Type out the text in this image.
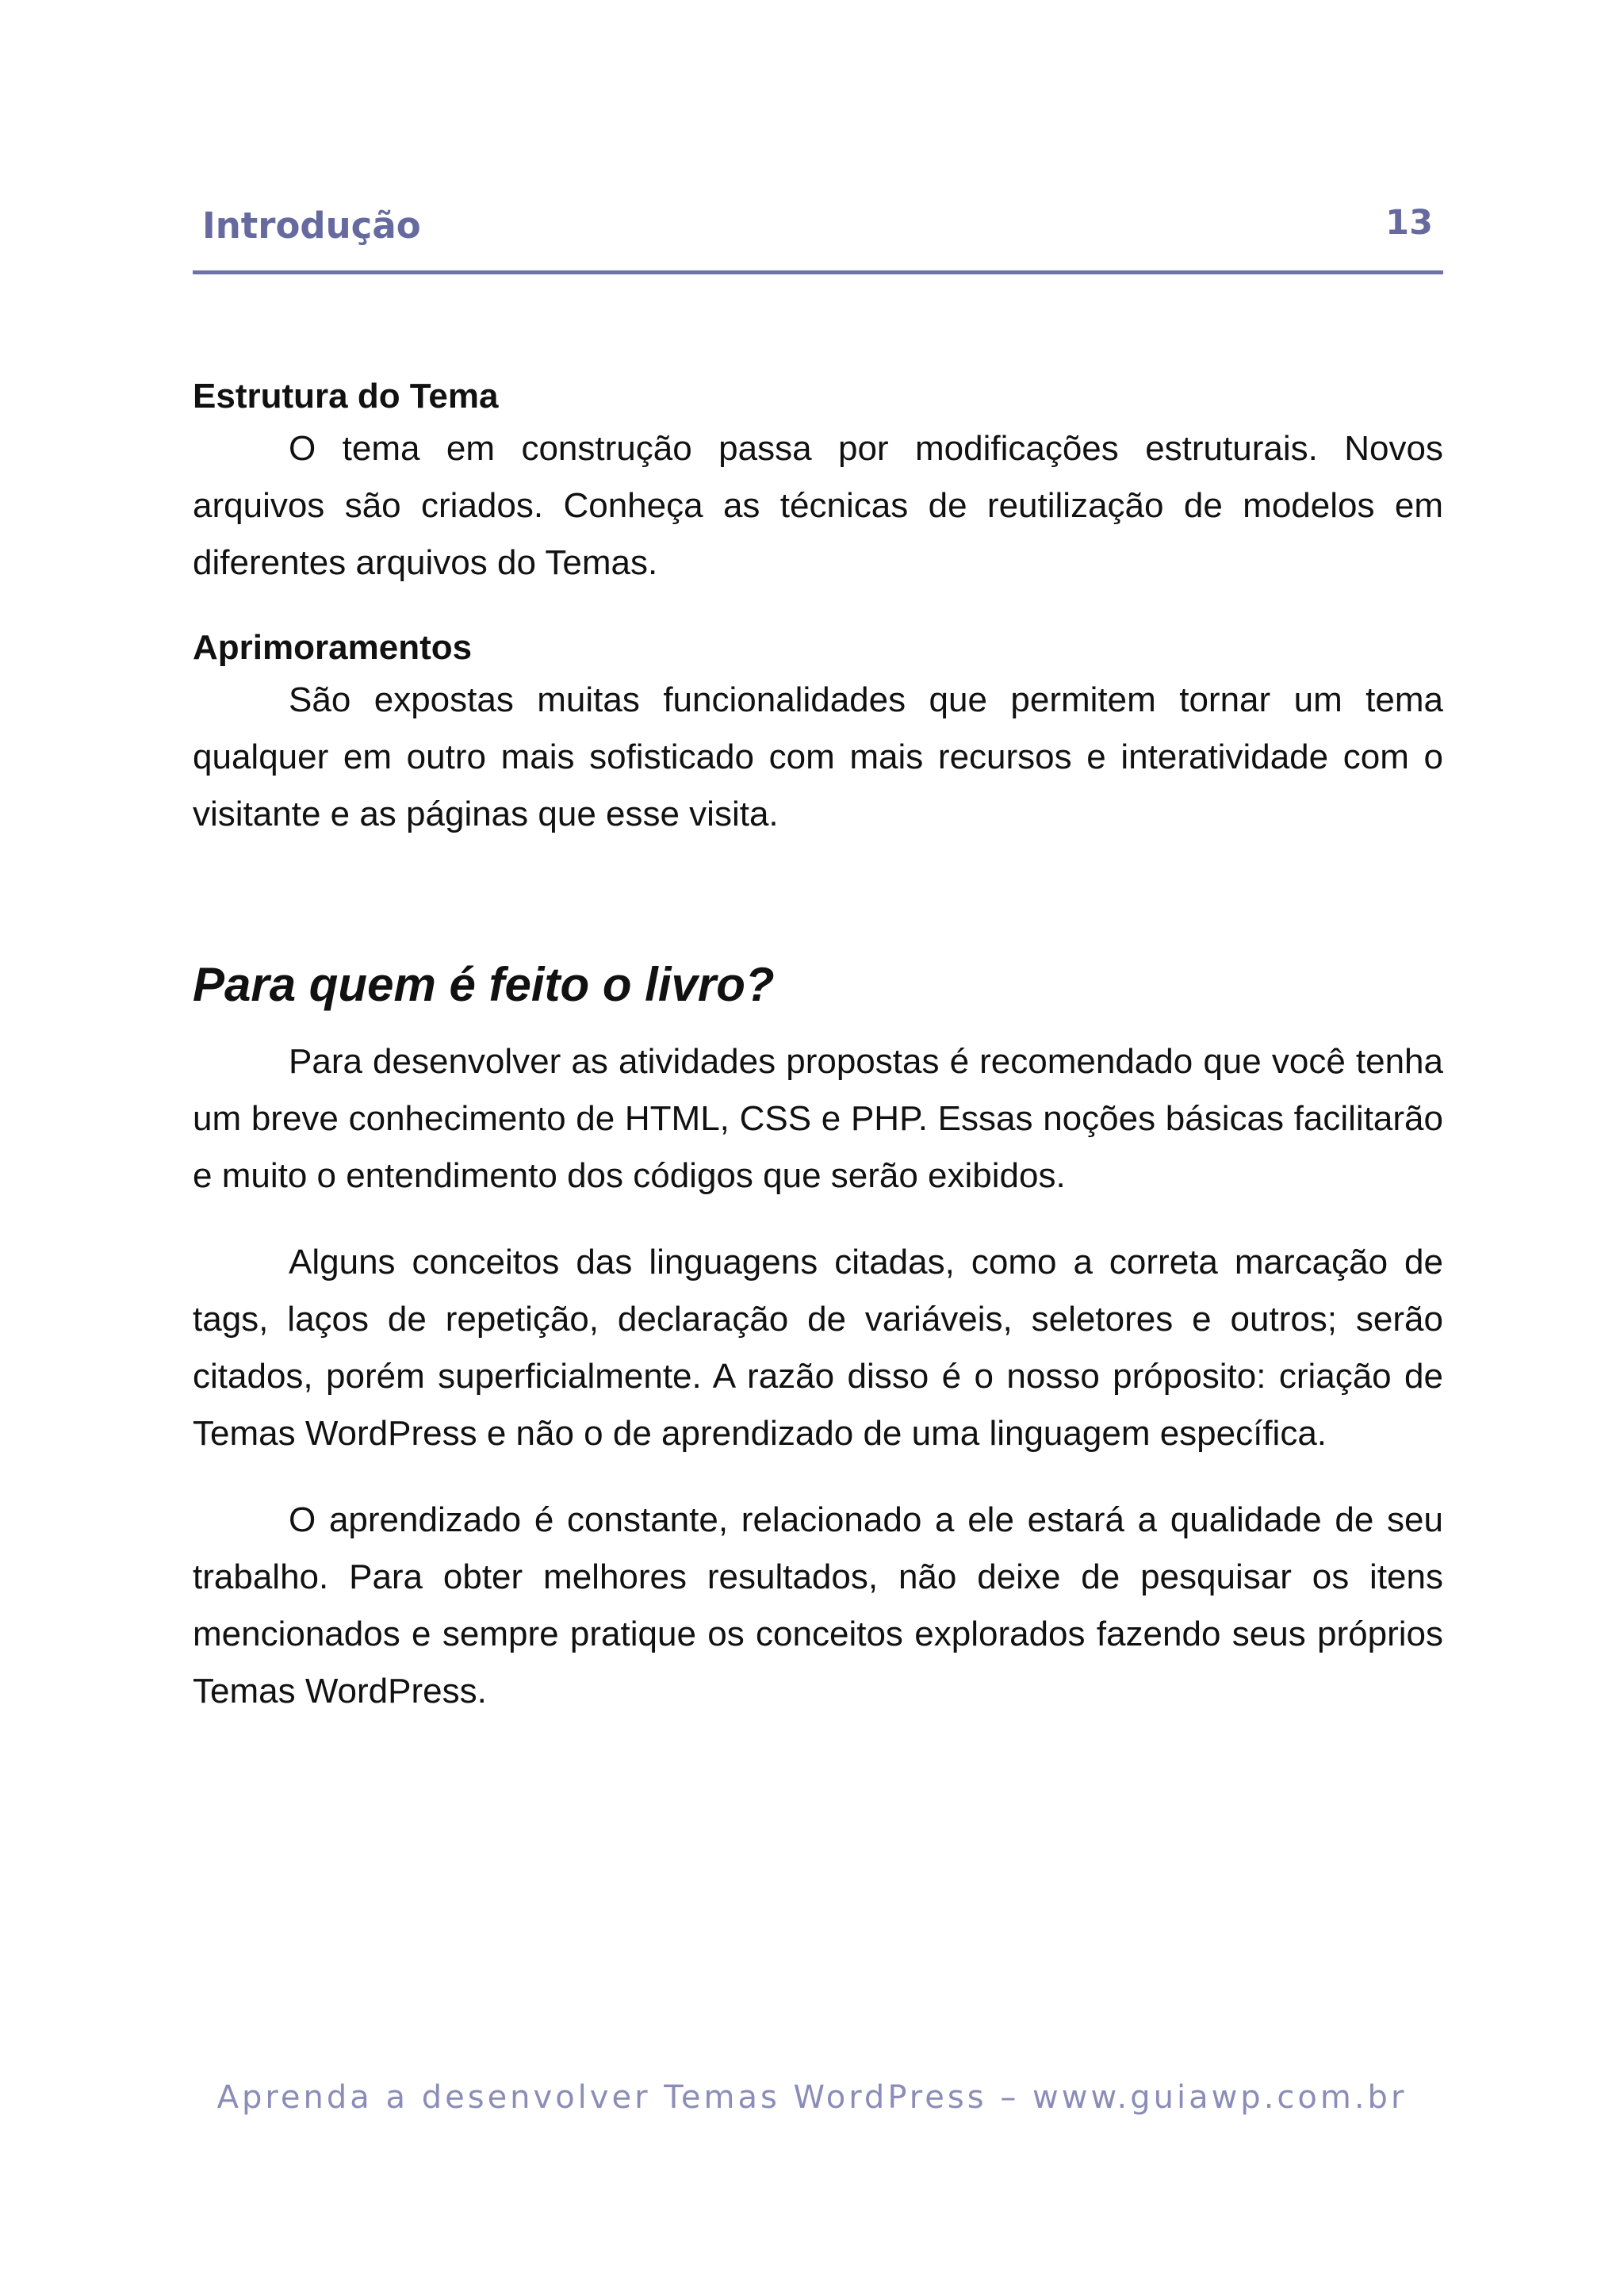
Introdução	13

Estrutura do Tema

O tema em construção passa por modificações estruturais. Novos arquivos são criados. Conheça as técnicas de reutilização de modelos em diferentes arquivos do Temas.

Aprimoramentos

São expostas muitas funcionalidades que permitem tornar um tema qualquer em outro mais sofisticado com mais recursos e interatividade com o visitante e as páginas que esse visita.

Para quem é feito o livro?

Para desenvolver as atividades propostas é recomendado que você tenha um breve conhecimento de HTML, CSS e PHP. Essas noções básicas facilitarão e muito o entendimento dos códigos que serão exibidos.

Alguns conceitos das linguagens citadas, como a correta marcação de tags, laços de repetição, declaração de variáveis, seletores e outros; serão citados, porém superficialmente. A razão disso é o nosso próposito: criação de Temas WordPress e não o de aprendizado de uma linguagem específica.

O aprendizado é constante, relacionado a ele estará a qualidade de seu trabalho. Para obter melhores resultados, não deixe de pesquisar os itens mencionados e sempre pratique os conceitos explorados fazendo seus próprios Temas WordPress.

Aprenda a desenvolver Temas WordPress – www.guiawp.com.br
